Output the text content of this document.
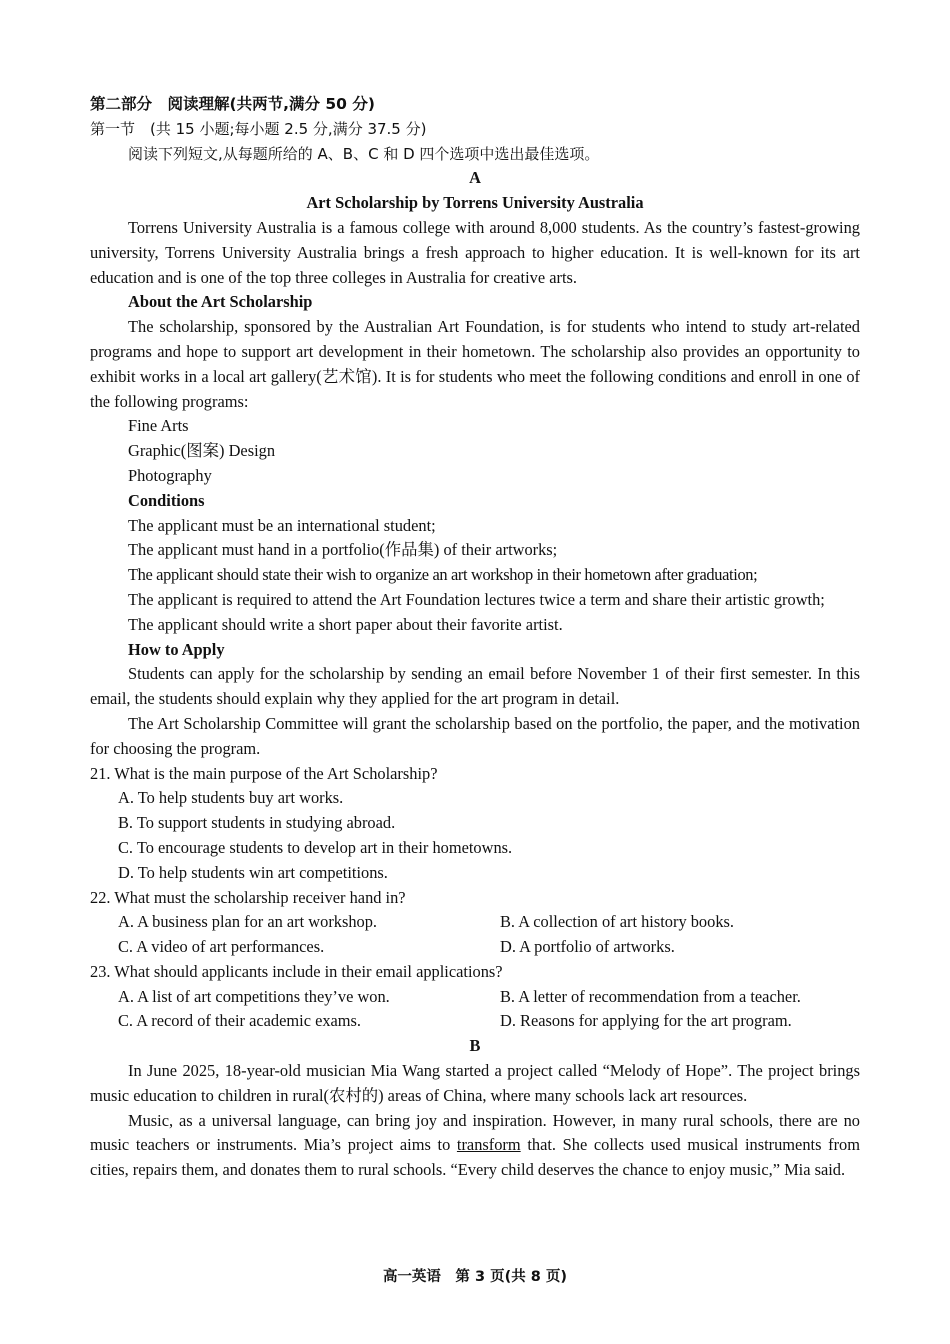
第二部分　阅读理解(共两节,满分 50 分)
第一节　(共 15 小题;每小题 2.5 分,满分 37.5 分)
阅读下列短文,从每题所给的 A、B、C 和 D 四个选项中选出最佳选项。
A
Art Scholarship by Torrens University Australia
Torrens University Australia is a famous college with around 8,000 students. As the country’s fastest-growing university, Torrens University Australia brings a fresh approach to higher education. It is well-known for its art education and is one of the top three colleges in Australia for creative arts.
About the Art Scholarship
The scholarship, sponsored by the Australian Art Foundation, is for students who intend to study art-related programs and hope to support art development in their hometown. The scholarship also provides an opportunity to exhibit works in a local art gallery(艺术馆). It is for students who meet the following conditions and enroll in one of the following programs:
Fine Arts
Graphic(图案) Design
Photography
Conditions
The applicant must be an international student;
The applicant must hand in a portfolio(作品集) of their artworks;
The applicant should state their wish to organize an art workshop in their hometown after graduation;
The applicant is required to attend the Art Foundation lectures twice a term and share their artistic growth;
The applicant should write a short paper about their favorite artist.
How to Apply
Students can apply for the scholarship by sending an email before November 1 of their first semester. In this email, the students should explain why they applied for the art program in detail.
The Art Scholarship Committee will grant the scholarship based on the portfolio, the paper, and the motivation for choosing the program.
21. What is the main purpose of the Art Scholarship?
A. To help students buy art works.
B. To support students in studying abroad.
C. To encourage students to develop art in their hometowns.
D. To help students win art competitions.
22. What must the scholarship receiver hand in?
A. A business plan for an art workshop.	B. A collection of art history books.
C. A video of art performances.	D. A portfolio of artworks.
23. What should applicants include in their email applications?
A. A list of art competitions they’ve won.	B. A letter of recommendation from a teacher.
C. A record of their academic exams.	D. Reasons for applying for the art program.
B
In June 2025, 18-year-old musician Mia Wang started a project called “Melody of Hope”. The project brings music education to children in rural(农村的) areas of China, where many schools lack art resources.
Music, as a universal language, can bring joy and inspiration. However, in many rural schools, there are no music teachers or instruments. Mia’s project aims to transform that. She collects used musical instruments from cities, repairs them, and donates them to rural schools. “Every child deserves the chance to enjoy music,” Mia said.
高一英语　第 3 页(共 8 页)
